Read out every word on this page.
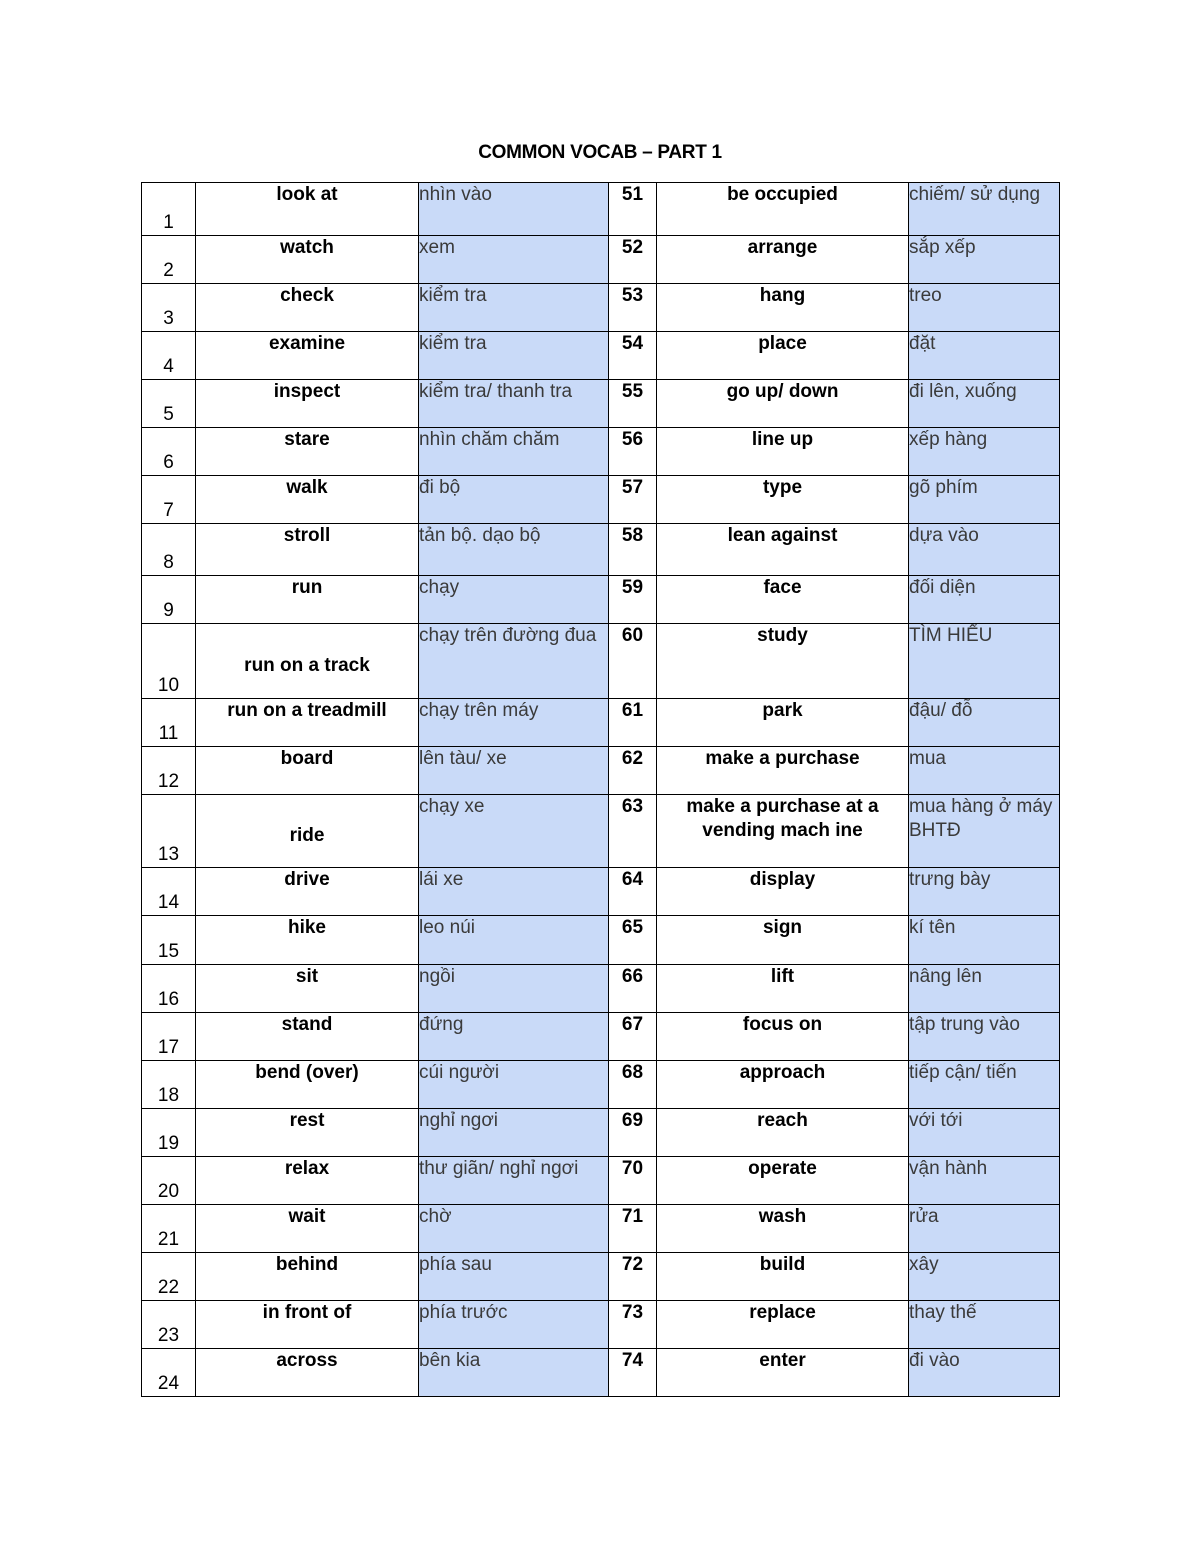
COMMON VOCAB – PART 1
1	look at	nhìn vào	51	be occupied	chiếm/ sử dụng
2	watch	xem	52	arrange	sắp xếp
3	check	kiểm tra	53	hang	treo
4	examine	kiểm tra	54	place	đặt
5	inspect	kiểm tra/ thanh tra	55	go up/ down	đi lên, xuống
6	stare	nhìn chăm chăm	56	line up	xếp hàng
7	walk	đi bộ	57	type	gõ phím
8	stroll	tản bộ. dạo bộ	58	lean against	dựa vào
9	run	chạy	59	face	đối diện
10	run on a track	chạy trên đường đua	60	study	TÌM HIỂU
11	run on a treadmill	chạy trên máy	61	park	đậu/ đỗ
12	board	lên tàu/ xe	62	make a purchase	mua
13	ride	chạy xe	63	make a purchase at a vending mach ine	mua hàng ở máy BHTĐ
14	drive	lái xe	64	display	trưng bày
15	hike	leo núi	65	sign	kí tên
16	sit	ngồi	66	lift	nâng lên
17	stand	đứng	67	focus on	tập trung vào
18	bend (over)	cúi người	68	approach	tiếp cận/ tiến
19	rest	nghỉ ngơi	69	reach	với tới
20	relax	thư giãn/ nghỉ ngơi	70	operate	vận hành
21	wait	chờ	71	wash	rửa
22	behind	phía sau	72	build	xây
23	in front of	phía trước	73	replace	thay thế
24	across	bên kia	74	enter	đi vào
